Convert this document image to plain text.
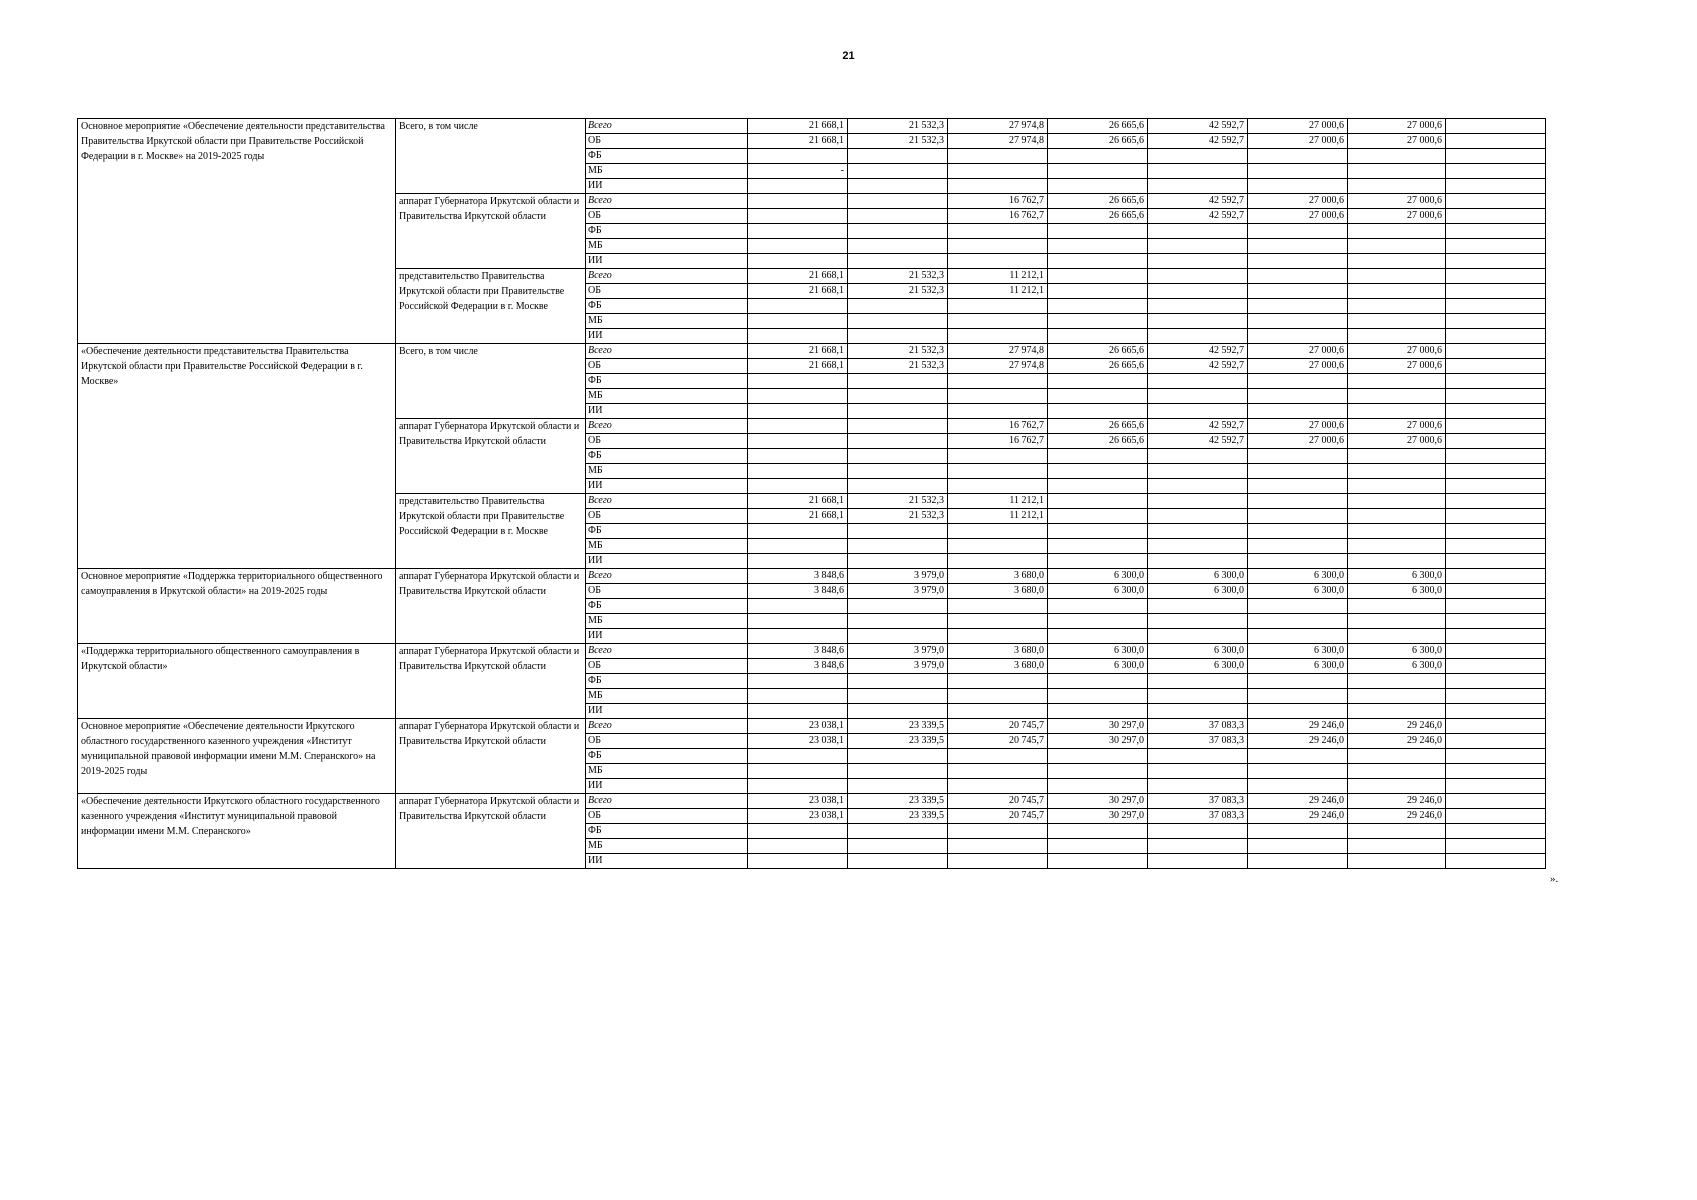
21
Основное мероприятие «Обеспечение деятельности представительства Правительства Иркутской области при Правительстве Российской Федерации в г. Москве» на 2019-2025 годы	Всего, в том числе	Всего	21 668,1	21 532,3	27 974,8	26 665,6	42 592,7	27 000,6	27 000,6	
		ОБ	21 668,1	21 532,3	27 974,8	26 665,6	42 592,7	27 000,6	27 000,6	
		ФБ								
		МБ	-							
		ИИ								
	аппарат Губернатора Иркутской области и Правительства Иркутской области	Всего			16 762,7	26 665,6	42 592,7	27 000,6	27 000,6	
		ОБ			16 762,7	26 665,6	42 592,7	27 000,6	27 000,6	
		ФБ								
		МБ								
		ИИ								
	представительство Правительства Иркутской области при Правительстве Российской Федерации в г. Москве	Всего	21 668,1	21 532,3	11 212,1					
		ОБ	21 668,1	21 532,3	11 212,1					
		ФБ								
		МБ								
		ИИ								
«Обеспечение деятельности представительства Правительства Иркутской области при Правительстве Российской Федерации в г. Москве»	Всего, в том числе	Всего	21 668,1	21 532,3	27 974,8	26 665,6	42 592,7	27 000,6	27 000,6	
		ОБ	21 668,1	21 532,3	27 974,8	26 665,6	42 592,7	27 000,6	27 000,6	
		ФБ								
		МБ								
		ИИ								
	аппарат Губернатора Иркутской области и Правительства Иркутской области	Всего			16 762,7	26 665,6	42 592,7	27 000,6	27 000,6	
		ОБ			16 762,7	26 665,6	42 592,7	27 000,6	27 000,6	
		ФБ								
		МБ								
		ИИ								
	представительство Правительства Иркутской области при Правительстве Российской Федерации в г. Москве	Всего	21 668,1	21 532,3	11 212,1					
		ОБ	21 668,1	21 532,3	11 212,1					
		ФБ								
		МБ								
		ИИ								
Основное мероприятие «Поддержка территориального общественного самоуправления в Иркутской области» на 2019-2025 годы	аппарат Губернатора Иркутской области и Правительства Иркутской области	Всего	3 848,6	3 979,0	3 680,0	6 300,0	6 300,0	6 300,0	6 300,0	
		ОБ	3 848,6	3 979,0	3 680,0	6 300,0	6 300,0	6 300,0	6 300,0	
		ФБ								
		МБ								
		ИИ								
«Поддержка территориального общественного самоуправления в Иркутской области»	аппарат Губернатора Иркутской области и Правительства Иркутской области	Всего	3 848,6	3 979,0	3 680,0	6 300,0	6 300,0	6 300,0	6 300,0	
		ОБ	3 848,6	3 979,0	3 680,0	6 300,0	6 300,0	6 300,0	6 300,0	
		ФБ								
		МБ								
		ИИ								
Основное мероприятие «Обеспечение деятельности Иркутского областного государственного казенного учреждения «Институт муниципальной правовой информации имени М.М. Сперанского» на 2019-2025 годы	аппарат Губернатора Иркутской области и Правительства Иркутской области	Всего	23 038,1	23 339,5	20 745,7	30 297,0	37 083,3	29 246,0	29 246,0	
		ОБ	23 038,1	23 339,5	20 745,7	30 297,0	37 083,3	29 246,0	29 246,0	
		ФБ								
		МБ								
		ИИ								
«Обеспечение деятельности Иркутского областного государственного казенного учреждения «Институт муниципальной правовой информации имени М.М. Сперанского»	аппарат Губернатора Иркутской области и Правительства Иркутской области	Всего	23 038,1	23 339,5	20 745,7	30 297,0	37 083,3	29 246,0	29 246,0	
		ОБ	23 038,1	23 339,5	20 745,7	30 297,0	37 083,3	29 246,0	29 246,0	
		ФБ								
		МБ								
		ИИ								
».
